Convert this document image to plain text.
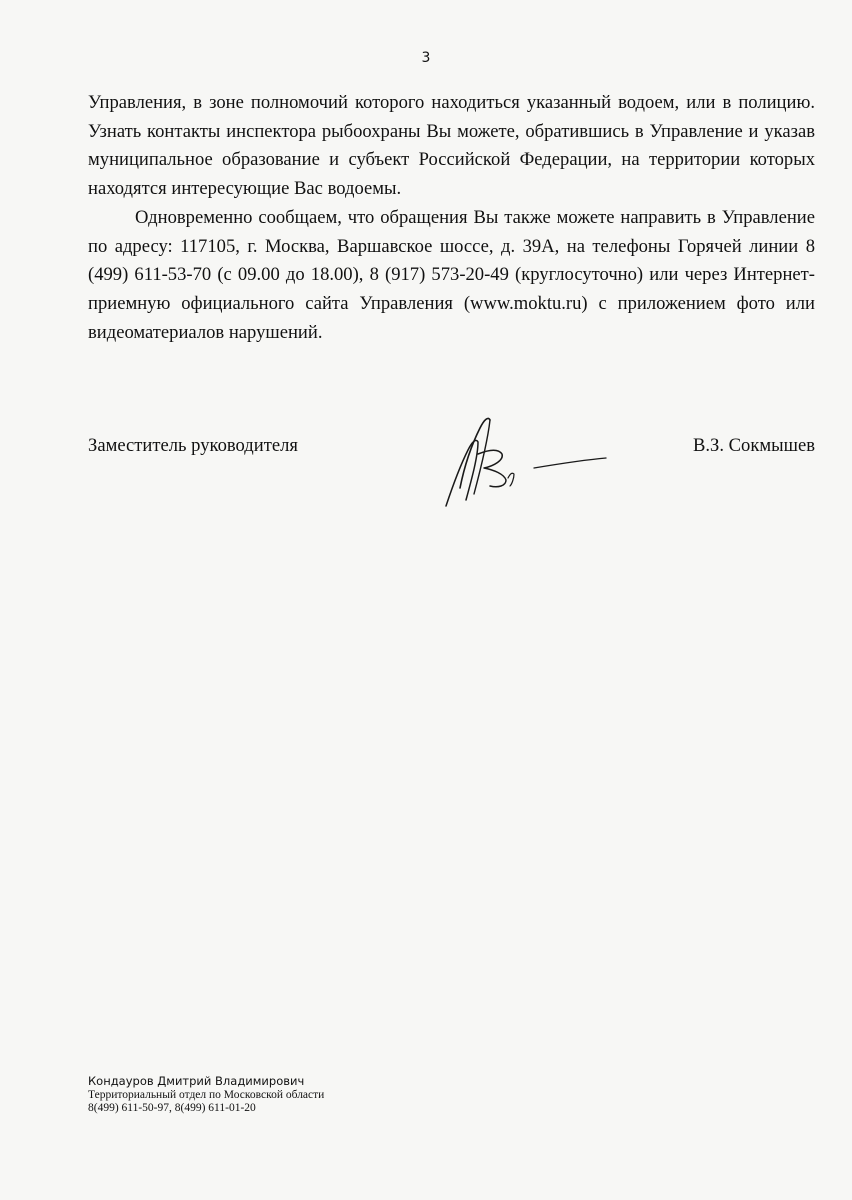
3

Управления, в зоне полномочий которого находиться указанный водоем, или в полицию. Узнать контакты инспектора рыбоохраны Вы можете, обратившись в Управление и указав муниципальное образование и субъект Российской Федерации, на территории которых находятся интересующие Вас водоемы.

Одновременно сообщаем, что обращения Вы также можете направить в Управление по адресу: 117105, г. Москва, Варшавское шоссе, д. 39А, на телефоны Горячей линии 8 (499) 611-53-70 (с 09.00 до 18.00), 8 (917) 573-20-49 (круглосуточно) или через Интернет-приемную официального сайта Управления (www.moktu.ru) с приложением фото или видеоматериалов нарушений.

Заместитель руководителя	В.З. Сокмышев
Кондауров Дмитрий Владимирович
Территориальный отдел по Московской области
8(499) 611-50-97, 8(499) 611-01-20
